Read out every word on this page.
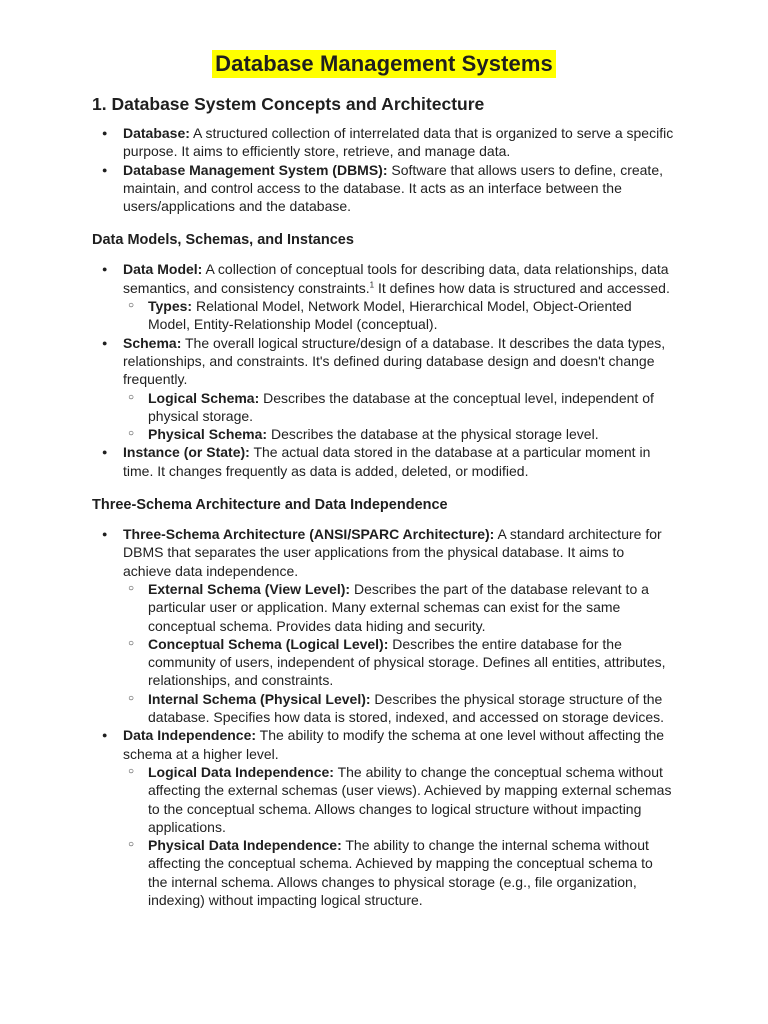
Database Management Systems
1. Database System Concepts and Architecture
● Database: A structured collection of interrelated data that is organized to serve a specific purpose. It aims to efficiently store, retrieve, and manage data.
● Database Management System (DBMS): Software that allows users to define, create, maintain, and control access to the database. It acts as an interface between the users/applications and the database.
Data Models, Schemas, and Instances
● Data Model: A collection of conceptual tools for describing data, data relationships, data semantics, and consistency constraints.$^1$ It defines how data is structured and accessed.
○ Types: Relational Model, Network Model, Hierarchical Model, Object-Oriented Model, Entity-Relationship Model (conceptual).
● Schema: The overall logical structure/design of a database. It describes the data types, relationships, and constraints. It's defined during database design and doesn't change frequently.
○ Logical Schema: Describes the database at the conceptual level, independent of physical storage.
○ Physical Schema: Describes the database at the physical storage level.
● Instance (or State): The actual data stored in the database at a particular moment in time. It changes frequently as data is added, deleted, or modified.
Three-Schema Architecture and Data Independence
● Three-Schema Architecture (ANSI/SPARC Architecture): A standard architecture for DBMS that separates the user applications from the physical database. It aims to achieve data independence.
○ External Schema (View Level): Describes the part of the database relevant to a particular user or application. Many external schemas can exist for the same conceptual schema. Provides data hiding and security.
○ Conceptual Schema (Logical Level): Describes the entire database for the community of users, independent of physical storage. Defines all entities, attributes, relationships, and constraints.
○ Internal Schema (Physical Level): Describes the physical storage structure of the database. Specifies how data is stored, indexed, and accessed on storage devices.
● Data Independence: The ability to modify the schema at one level without affecting the schema at a higher level.
○ Logical Data Independence: The ability to change the conceptual schema without affecting the external schemas (user views). Achieved by mapping external schemas to the conceptual schema. Allows changes to logical structure without impacting applications.
○ Physical Data Independence: The ability to change the internal schema without affecting the conceptual schema. Achieved by mapping the conceptual schema to the internal schema. Allows changes to physical storage (e.g., file organization, indexing) without impacting logical structure.
